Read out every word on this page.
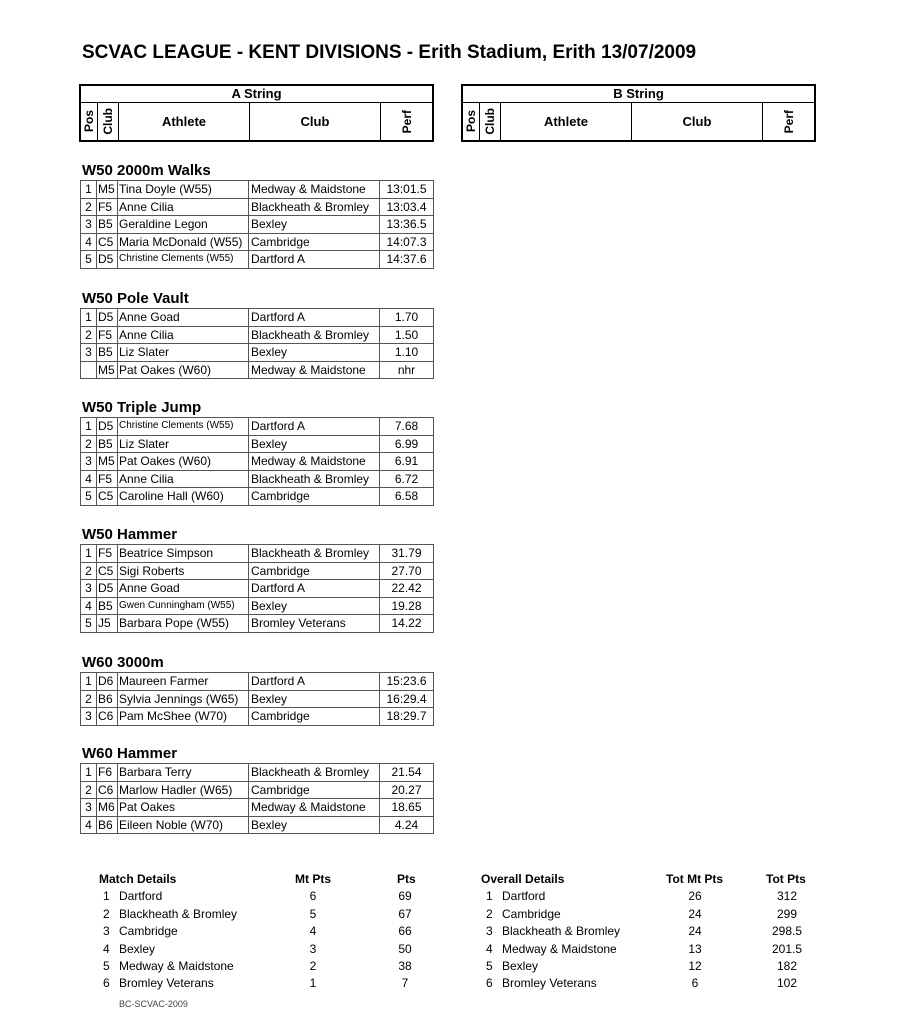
SCVAC LEAGUE - KENT DIVISIONS - Erith Stadium, Erith 13/07/2009
A String
Pos Club	Athlete	Club	Perf
B String
Pos Club	Athlete	Club	Perf
W50 2000m Walks
1	M5	Tina Doyle (W55)	Medway & Maidstone	13:01.5
2	F5	Anne Cilia	Blackheath & Bromley	13:03.4
3	B5	Geraldine Legon	Bexley	13:36.5
4	C5	Maria McDonald (W55)	Cambridge	14:07.3
5	D5	Christine Clements (W55)	Dartford A	14:37.6
W50 Pole Vault
1	D5	Anne Goad	Dartford A	1.70
2	F5	Anne Cilia	Blackheath & Bromley	1.50
3	B5	Liz Slater	Bexley	1.10
	M5	Pat Oakes (W60)	Medway & Maidstone	nhr
W50 Triple Jump
1	D5	Christine Clements (W55)	Dartford A	7.68
2	B5	Liz Slater	Bexley	6.99
3	M5	Pat Oakes (W60)	Medway & Maidstone	6.91
4	F5	Anne Cilia	Blackheath & Bromley	6.72
5	C5	Caroline Hall (W60)	Cambridge	6.58
W50 Hammer
1	F5	Beatrice Simpson	Blackheath & Bromley	31.79
2	C5	Sigi Roberts	Cambridge	27.70
3	D5	Anne Goad	Dartford A	22.42
4	B5	Gwen Cunningham (W55)	Bexley	19.28
5	J5	Barbara Pope (W55)	Bromley Veterans	14.22
W60 3000m
1	D6	Maureen Farmer	Dartford A	15:23.6
2	B6	Sylvia Jennings (W65)	Bexley	16:29.4
3	C6	Pam McShee (W70)	Cambridge	18:29.7
W60 Hammer
1	F6	Barbara Terry	Blackheath & Bromley	21.54
2	C6	Marlow Hadler (W65)	Cambridge	20.27
3	M6	Pat Oakes	Medway & Maidstone	18.65
4	B6	Eileen Noble (W70)	Bexley	4.24
Match Details	Mt Pts	Pts
1 Dartford	6	69
2 Blackheath & Bromley	5	67
3 Cambridge	4	66
4 Bexley	3	50
5 Medway & Maidstone	2	38
6 Bromley Veterans	1	7
Overall Details	Tot Mt Pts	Tot Pts
1 Dartford	26	312
2 Cambridge	24	299
3 Blackheath & Bromley	24	298.5
4 Medway & Maidstone	13	201.5
5 Bexley	12	182
6 Bromley Veterans	6	102
BC-SCVAC-2009
